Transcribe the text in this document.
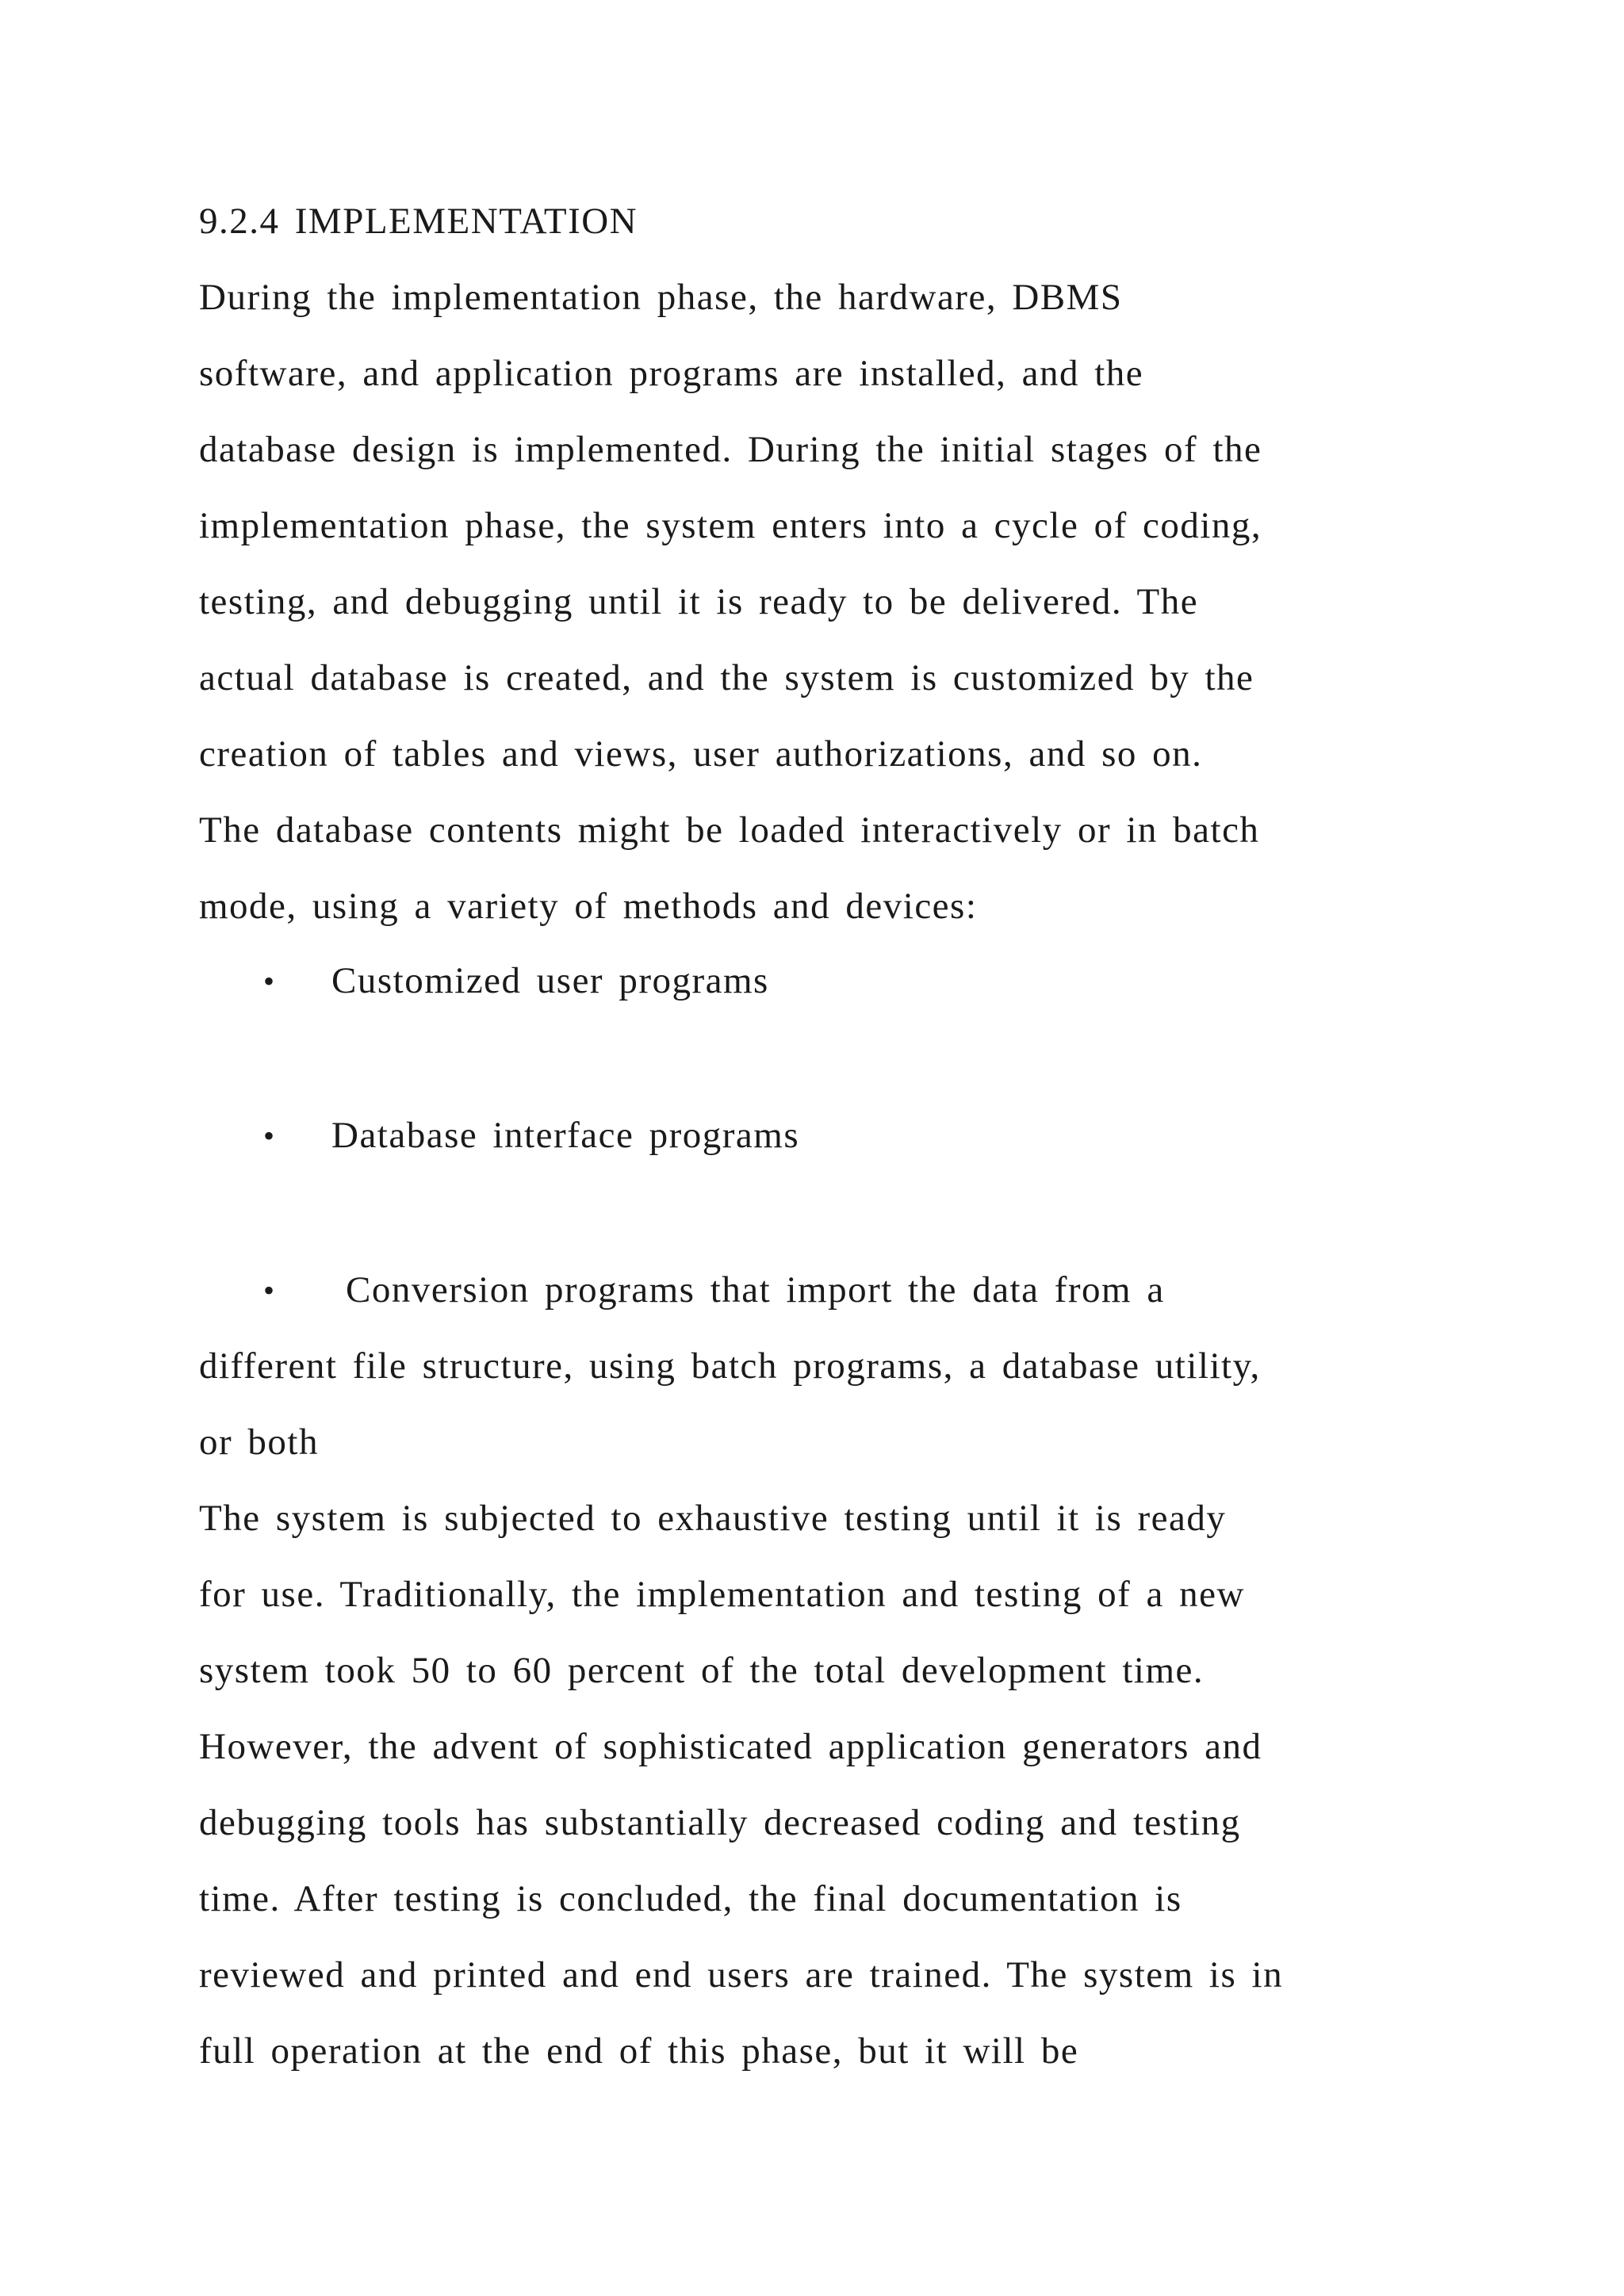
9.2.4 IMPLEMENTATION
During the implementation phase, the hardware, DBMS
software, and application programs are installed, and the
database design is implemented. During the initial stages of the
implementation phase, the system enters into a cycle of coding,
testing, and debugging until it is ready to be delivered. The
actual database is created, and the system is customized by the
creation of tables and views, user authorizations, and so on.
The database contents might be loaded interactively or in batch
mode, using a variety of methods and devices:
• Customized user programs
• Database interface programs
• Conversion programs that import the data from a
different file structure, using batch programs, a database utility,
or both
The system is subjected to exhaustive testing until it is ready
for use. Traditionally, the implementation and testing of a new
system took 50 to 60 percent of the total development time.
However, the advent of sophisticated application generators and
debugging tools has substantially decreased coding and testing
time. After testing is concluded, the final documentation is
reviewed and printed and end users are trained. The system is in
full operation at the end of this phase, but it will be
